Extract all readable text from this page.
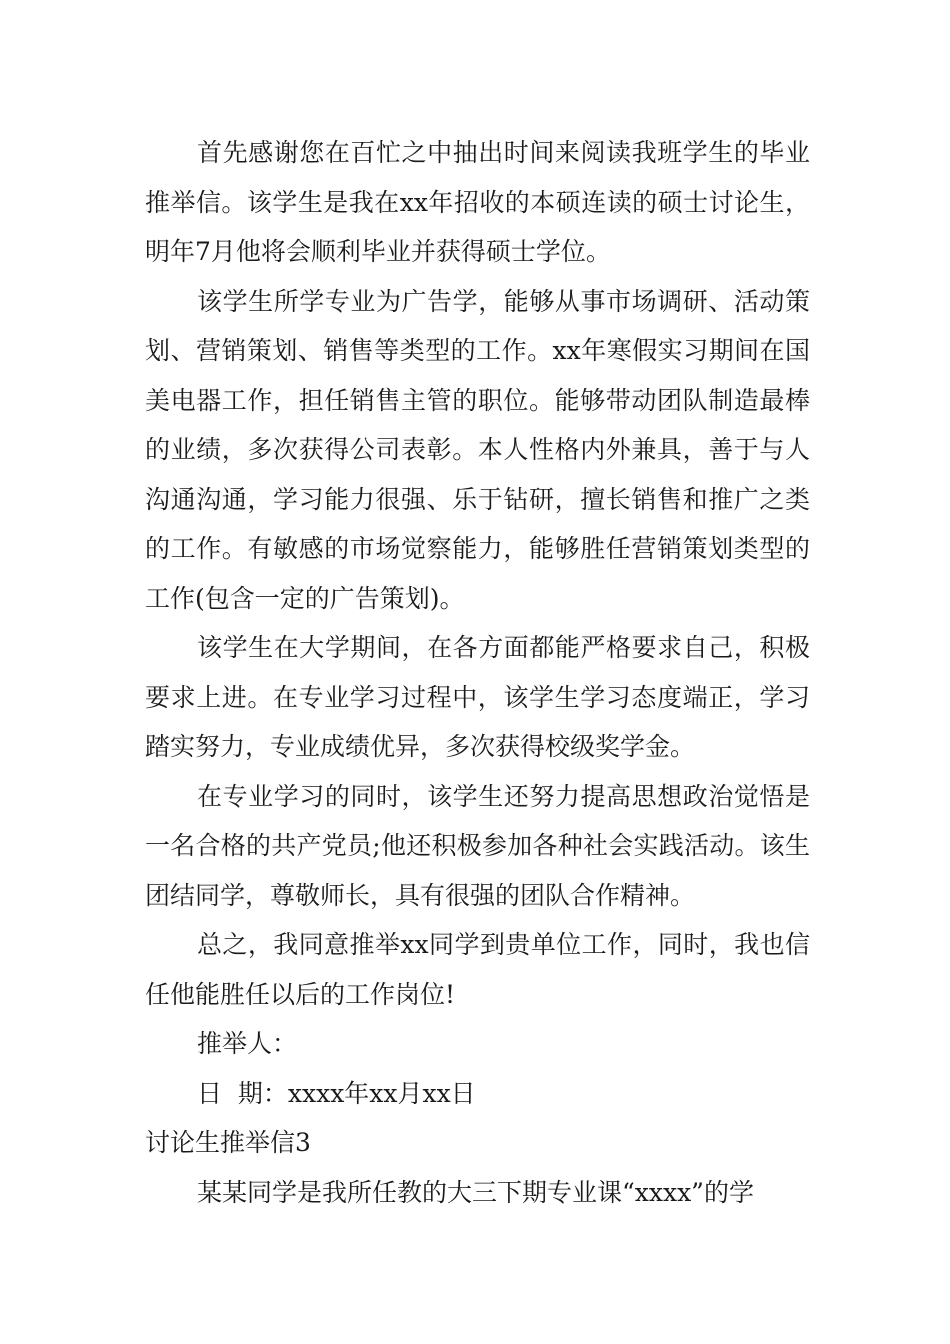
首先感谢您在百忙之中抽出时间来阅读我班学生的毕业推举信。该学生是我在xx年招收的本硕连读的硕士讨论生，明年7月他将会顺利毕业并获得硕士学位。

该学生所学专业为广告学，能够从事市场调研、活动策划、营销策划、销售等类型的工作。xx年寒假实习期间在国美电器工作，担任销售主管的职位。能够带动团队制造最棒的业绩，多次获得公司表彰。本人性格内外兼具，善于与人沟通沟通，学习能力很强、乐于钻研，擅长销售和推广之类的工作。有敏感的市场觉察能力，能够胜任营销策划类型的工作(包含一定的广告策划)。

该学生在大学期间，在各方面都能严格要求自己，积极要求上进。在专业学习过程中，该学生学习态度端正，学习踏实努力，专业成绩优异，多次获得校级奖学金。

在专业学习的同时，该学生还努力提高思想政治觉悟是一名合格的共产党员;他还积极参加各种社会实践活动。该生团结同学，尊敬师长，具有很强的团队合作精神。

总之，我同意推举xx同学到贵单位工作，同时，我也信任他能胜任以后的工作岗位!

推举人：

日  期：xxxx年xx月xx日

讨论生推举信3

某某同学是我所任教的大三下期专业课“xxxx”的学
